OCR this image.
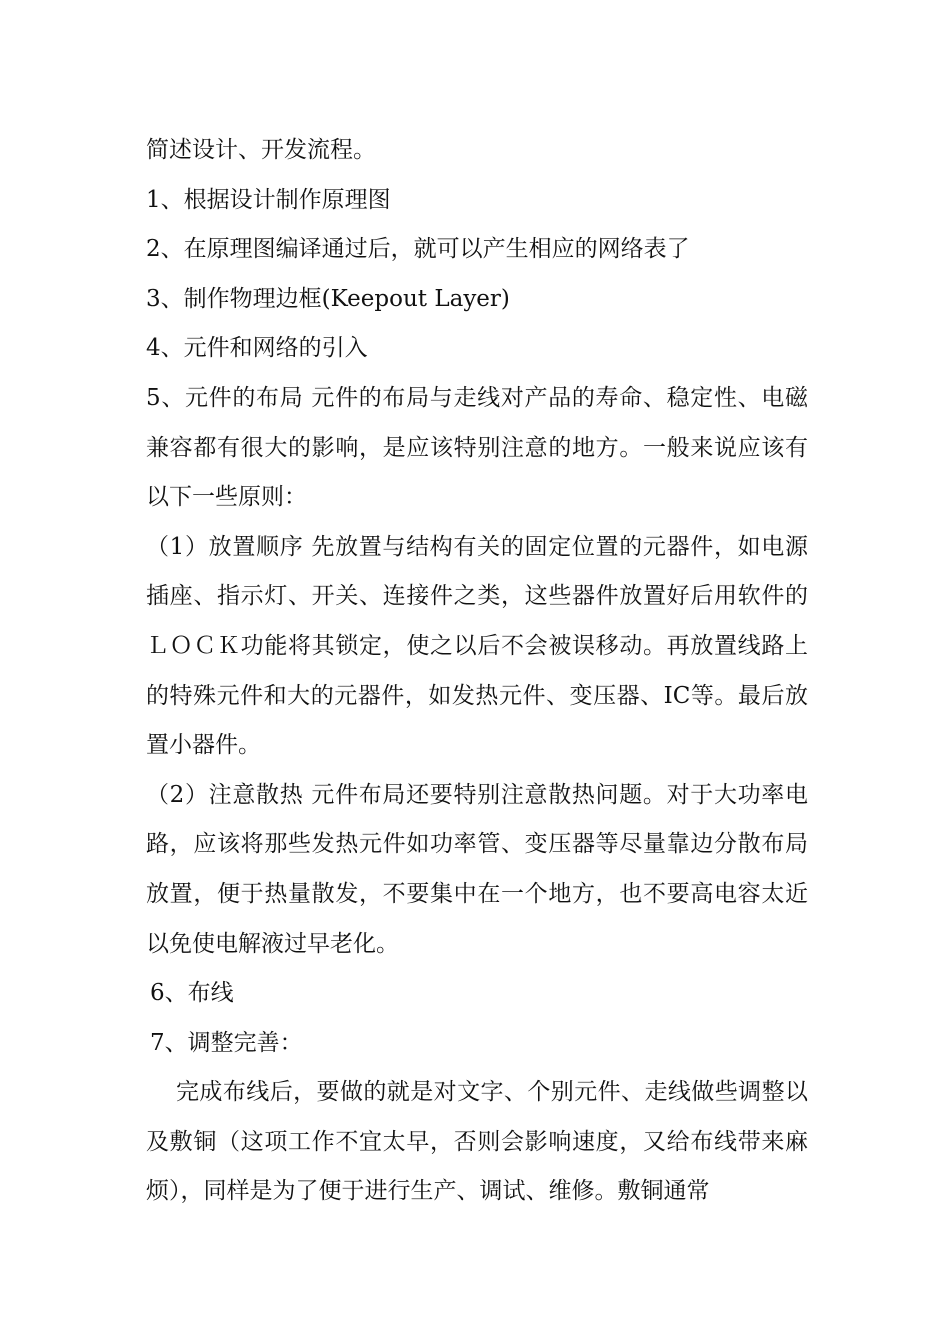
简述设计、开发流程。

1、根据设计制作原理图

2、在原理图编译通过后，就可以产生相应的网络表了

3、制作物理边框(Keepout Layer)

4、元件和网络的引入

5、元件的布局 元件的布局与走线对产品的寿命、稳定性、电磁兼容都有很大的影响，是应该特别注意的地方。一般来说应该有以下一些原则：

（1）放置顺序 先放置与结构有关的固定位置的元器件，如电源插座、指示灯、开关、连接件之类，这些器件放置好后用软件的ＬＯＣＫ功能将其锁定，使之以后不会被误移动。再放置线路上的特殊元件和大的元器件，如发热元件、变压器、IC等。最后放置小器件。

（2）注意散热 元件布局还要特别注意散热问题。对于大功率电路，应该将那些发热元件如功率管、变压器等尽量靠边分散布局放置，便于热量散发，不要集中在一个地方，也不要高电容太近以免使电解液过早老化。

6、布线

7、调整完善：

完成布线后，要做的就是对文字、个别元件、走线做些调整以及敷铜（这项工作不宜太早，否则会影响速度，又给布线带来麻烦），同样是为了便于进行生产、调试、维修。敷铜通常
